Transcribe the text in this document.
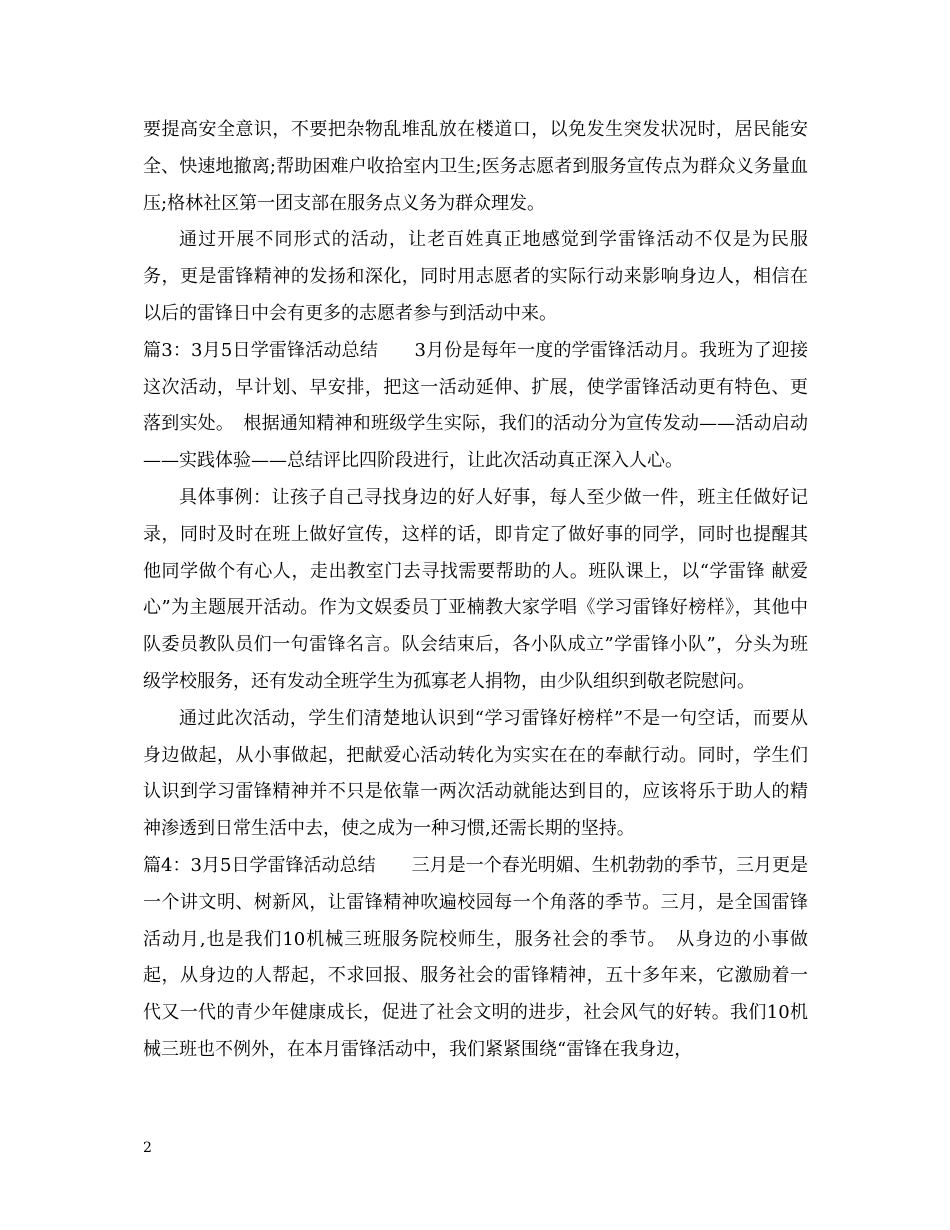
要提高安全意识，不要把杂物乱堆乱放在楼道口，以免发生突发状况时，居民能安全、快速地撤离;帮助困难户收拾室内卫生;医务志愿者到服务宣传点为群众义务量血压;格林社区第一团支部在服务点义务为群众理发。

通过开展不同形式的活动，让老百姓真正地感觉到学雷锋活动不仅是为民服务，更是雷锋精神的发扬和深化，同时用志愿者的实际行动来影响身边人，相信在以后的雷锋日中会有更多的志愿者参与到活动中来。

篇3：3月5日学雷锋活动总结　　3月份是每年一度的学雷锋活动月。我班为了迎接这次活动，早计划、早安排，把这一活动延伸、扩展，使学雷锋活动更有特色、更落到实处。　根据通知精神和班级学生实际，我们的活动分为宣传发动——活动启动——实践体验——总结评比四阶段进行，让此次活动真正深入人心。

具体事例：让孩子自己寻找身边的好人好事，每人至少做一件，班主任做好记录，同时及时在班上做好宣传，这样的话，即肯定了做好事的同学，同时也提醒其他同学做个有心人，走出教室门去寻找需要帮助的人。班队课上，以“学雷锋 献爱心”为主题展开活动。作为文娱委员丁亚楠教大家学唱《学习雷锋好榜样》，其他中队委员教队员们一句雷锋名言。队会结束后，各小队成立”学雷锋小队”，分头为班级学校服务，还有发动全班学生为孤寡老人捐物，由少队组织到敬老院慰问。

通过此次活动，学生们清楚地认识到“学习雷锋好榜样”不是一句空话，而要从身边做起，从小事做起，把献爱心活动转化为实实在在的奉献行动。同时，学生们认识到学习雷锋精神并不只是依靠一两次活动就能达到目的，应该将乐于助人的精神渗透到日常生活中去，使之成为一种习惯,还需长期的坚持。

篇4：3月5日学雷锋活动总结　　三月是一个春光明媚、生机勃勃的季节，三月更是一个讲文明、树新风，让雷锋精神吹遍校园每一个角落的季节。三月，是全国雷锋活动月,也是我们10机械三班服务院校师生，服务社会的季节。　从身边的小事做起，从身边的人帮起，不求回报、服务社会的雷锋精神，五十多年来，它激励着一代又一代的青少年健康成长，促进了社会文明的进步，社会风气的好转。我们10机械三班也不例外，在本月雷锋活动中，我们紧紧围绕“雷锋在我身边，

2
